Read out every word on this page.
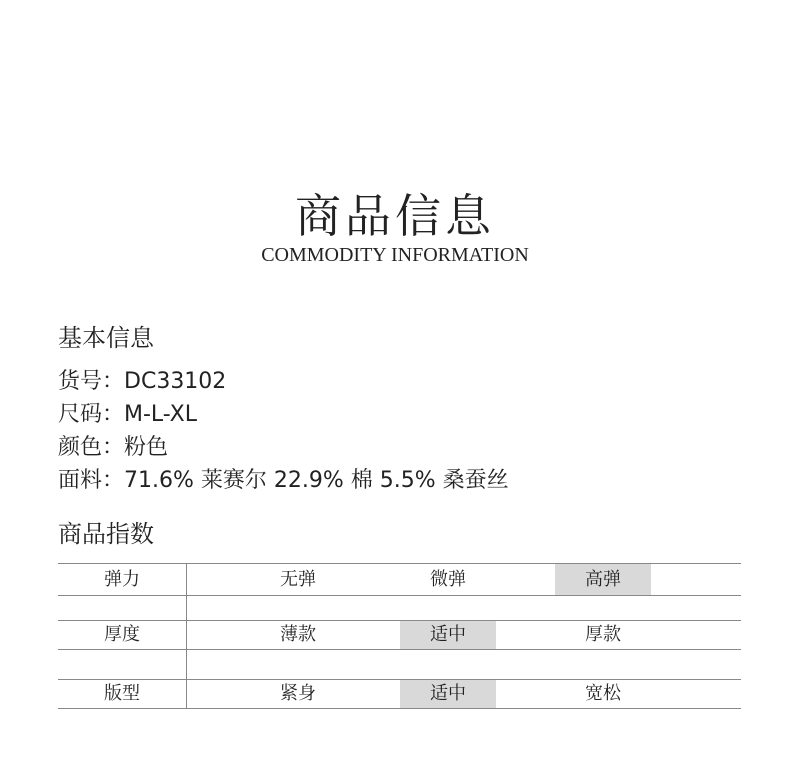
商品信息
COMMODITY INFORMATION
基本信息
货号：DC33102
尺码：M-L-XL
颜色：粉色
面料：71.6% 莱赛尔 22.9% 棉 5.5% 桑蚕丝
商品指数
弹力	无弹	微弹	高弹
厚度	薄款	适中	厚款
版型	紧身	适中	宽松
